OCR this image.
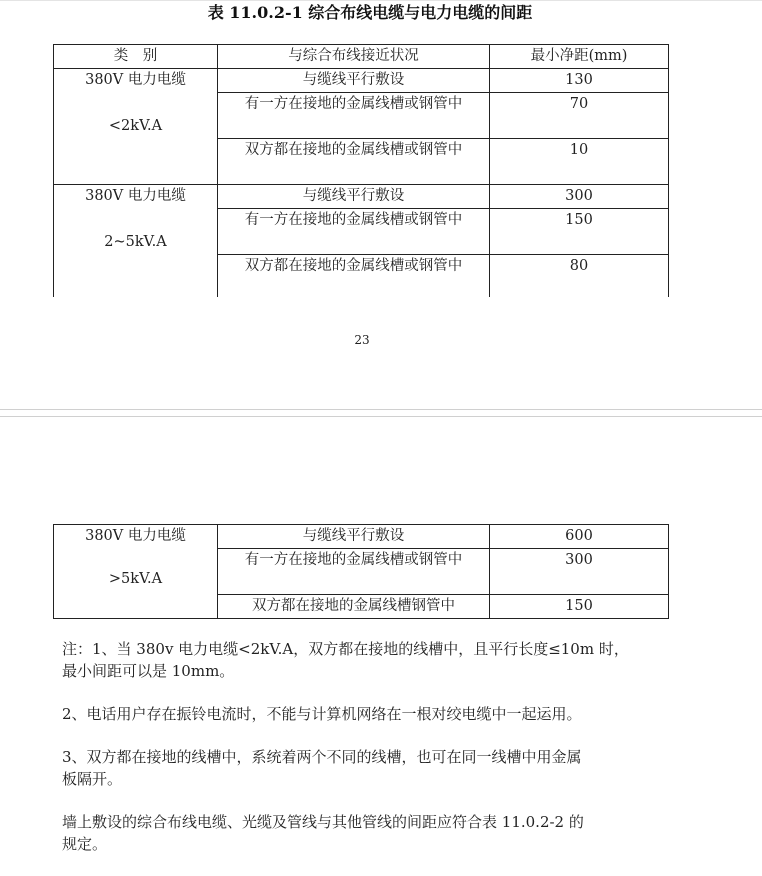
表 11.0.2-1 综合布线电缆与电力电缆的间距
类　别	与综合布线接近状况	最小净距(mm)

380V 电力电缆
<2kV.A	与缆线平行敷设	130
	有一方在接地的金属线槽或钢管中	70
	双方都在接地的金属线槽或钢管中	10

380V 电力电缆
2~5kV.A	与缆线平行敷设	300
	有一方在接地的金属线槽或钢管中	150
	双方都在接地的金属线槽或钢管中	80
23
380V 电力电缆
>5kV.A	与缆线平行敷设	600
	有一方在接地的金属线槽或钢管中	300
	双方都在接地的金属线槽钢管中	150

注：1、当 380v 电力电缆<2kV.A，双方都在接地的线槽中，且平行长度≤10m 时，
最小间距可以是 10mm。

2、电话用户存在振铃电流时，不能与计算机网络在一根对绞电缆中一起运用。

3、双方都在接地的线槽中，系统着两个不同的线槽，也可在同一线槽中用金属
板隔开。

墙上敷设的综合布线电缆、光缆及管线与其他管线的间距应符合表 11.0.2-2 的
规定。
